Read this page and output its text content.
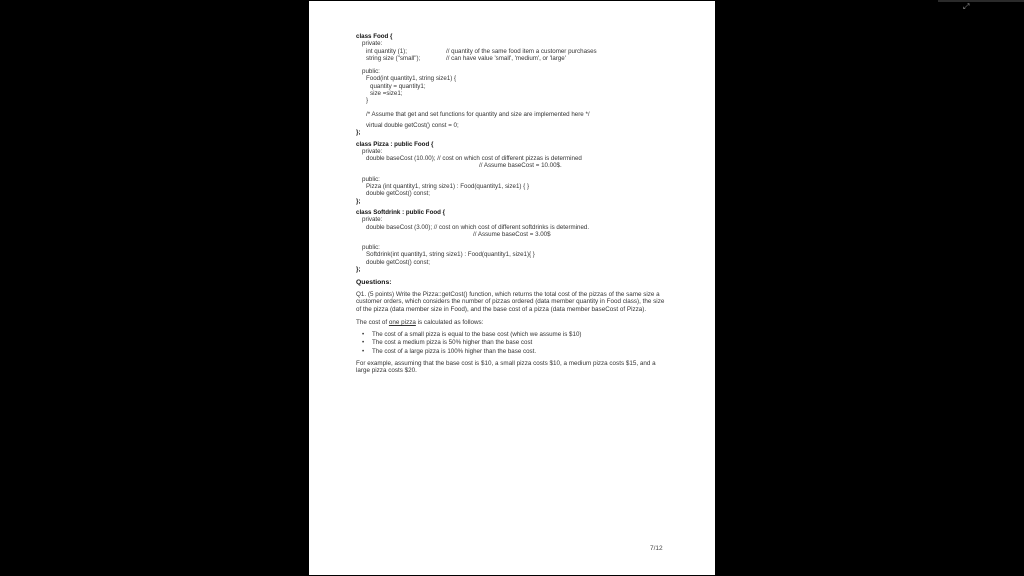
⤢
class Food {
private:
int quantity (1);	// quantity of the same food item a customer purchases
string size ("small");	// can have value 'small', 'medium', or 'large'
public:
Food(int quantity1, string size1) {
quantity = quantity1;
size =size1;
}
/* Assume that get and set functions for quantity and size are implemented here */
virtual double getCost() const = 0;
};
class Pizza : public Food {
private:
double baseCost (10.00); // cost on which cost of different pizzas is determined
// Assume baseCost = 10.00$.
public:
Pizza (int quantity1, string size1) : Food(quantity1, size1) { }
double getCost() const;
};
class Softdrink : public Food {
private:
double baseCost (3.00); // cost on which cost of different softdrinks is determined.
// Assume baseCost = 3.00$
public:
Softdrink(int quantity1, string size1) : Food(quantity1, size1){ }
double getCost() const;
};
Questions:
Q1. (5 points) Write the Pizza::getCost() function, which returns the total cost of the pizzas of the same size a customer orders, which considers the number of pizzas ordered (data member quantity in Food class), the size of the pizza (data member size in Food), and the base cost of a pizza (data member baseCost of Pizza).
The cost of one pizza is calculated as follows:
• The cost of a small pizza is equal to the base cost (which we assume is $10)
• The cost a medium pizza is 50% higher than the base cost
• The cost of a large pizza is 100% higher than the base cost.
For example, assuming that the base cost is $10, a small pizza costs $10, a medium pizza costs $15, and a large pizza costs $20.
7/12
